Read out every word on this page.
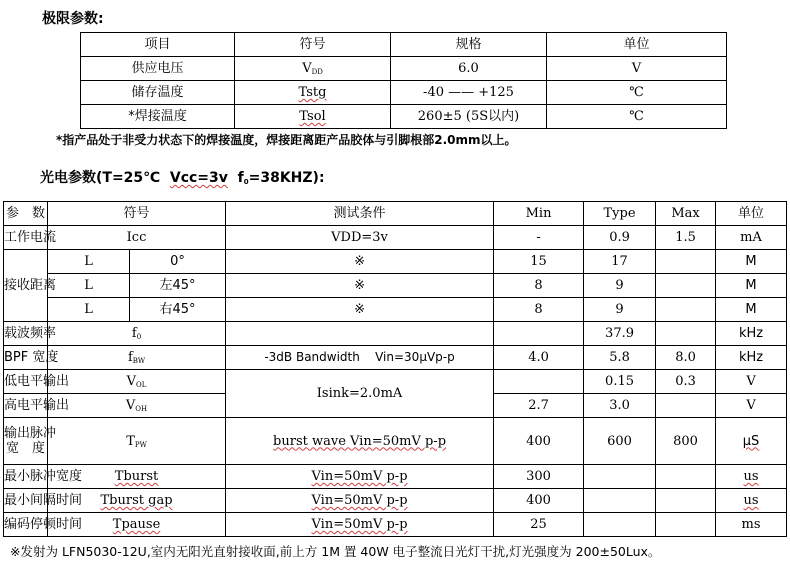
极限参数:
项目	符号	规格	单位
供应电压	$V_{DD}$	6.0	V
储存温度	Tstg	-40 —— +125	℃
*焊接温度	Tsol	260±5 (5S以内)	℃
*指产品处于非受力状态下的焊接温度，焊接距离距产品胶体与引脚根部2.0mm以上。
光电参数(T=25℃ Vcc=3v $f_0=38KHZ$):
参　数	符号		测试条件	Min	Type	Max	单位
工作电流	Icc		VDD=3v	-	0.9	1.5	mA
接收距离	L	0°	※	15	17		M
	L	左45°	※	8	9		M
	L	右45°	※	8	9		M
载波频率	$f_0$				37.9		kHz
BPF 宽度	$f_{BW}$		-3dB Bandwidth Vin=30μVp-p	4.0	5.8	8.0	kHz
低电平输出	$V_{OL}$		Isink=2.0mA		0.15	0.3	V
高电平输出	$V_{OH}$			2.7	3.0		V
输出脉冲
宽　度	$T_{PW}$		burst wave Vin=50mV p-p	400	600	800	μS
最小脉冲宽度	Tburst		Vin=50mV p-p	300			us
最小间隔时间	Tburst gap		Vin=50mV p-p	400			us
编码停顿时间	Tpause		Vin=50mV p-p	25			ms
※发射为 LFN5030-12U,室内无阳光直射接收面,前上方 1M 置 40W 电子整流日光灯干扰,灯光强度为 200±50Lux。
